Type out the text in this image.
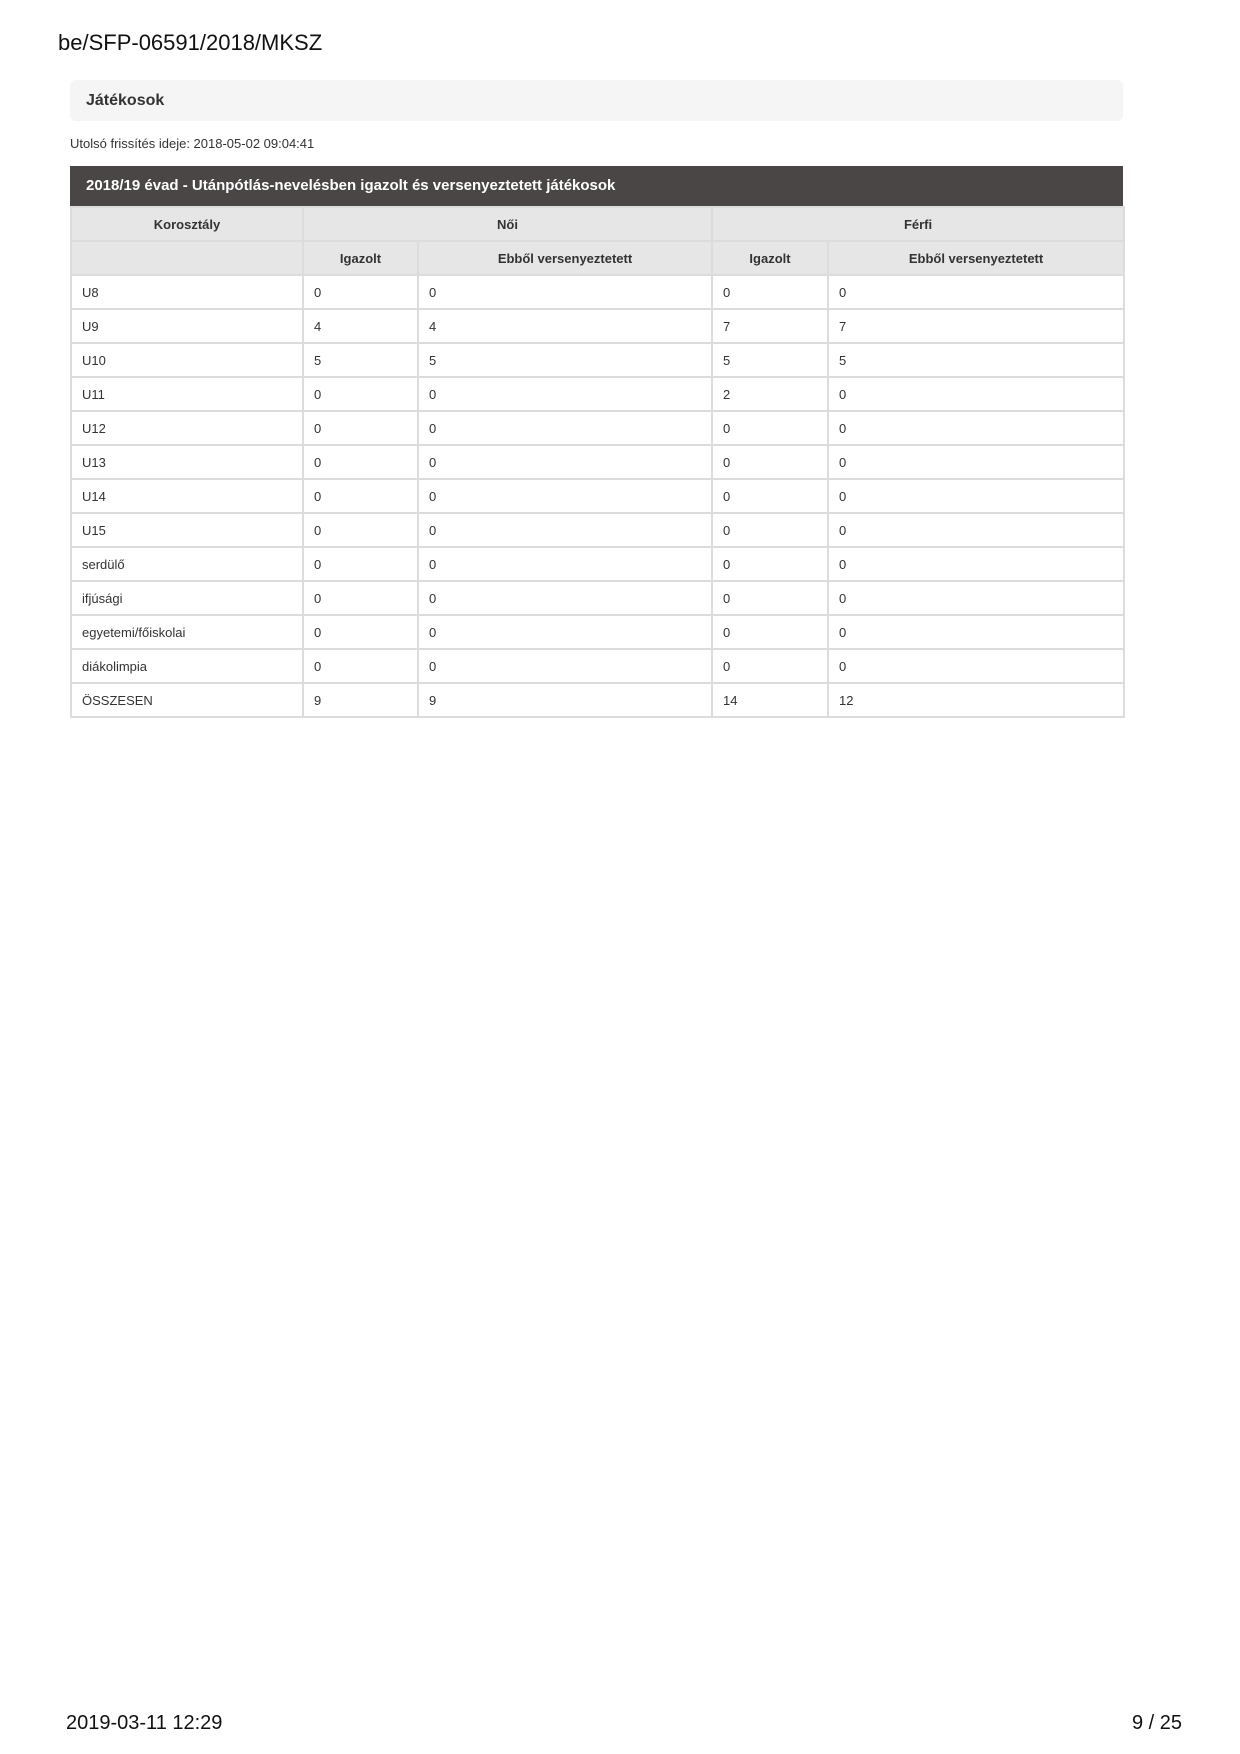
be/SFP-06591/2018/MKSZ
Játékosok
Utolsó frissítés ideje: 2018-05-02 09:04:41
2018/19 évad - Utánpótlás-nevelésben igazolt és versenyeztetett játékosok
Korosztály	Női		Férfi	
	Igazolt	Ebből versenyeztetett	Igazolt	Ebből versenyeztetett
U8	0	0	0	0
U9	4	4	7	7
U10	5	5	5	5
U11	0	0	2	0
U12	0	0	0	0
U13	0	0	0	0
U14	0	0	0	0
U15	0	0	0	0
serdülő	0	0	0	0
ifjúsági	0	0	0	0
egyetemi/főiskolai	0	0	0	0
diákolimpia	0	0	0	0
ÖSSZESEN	9	9	14	12
2019-03-11 12:29	9 / 25
